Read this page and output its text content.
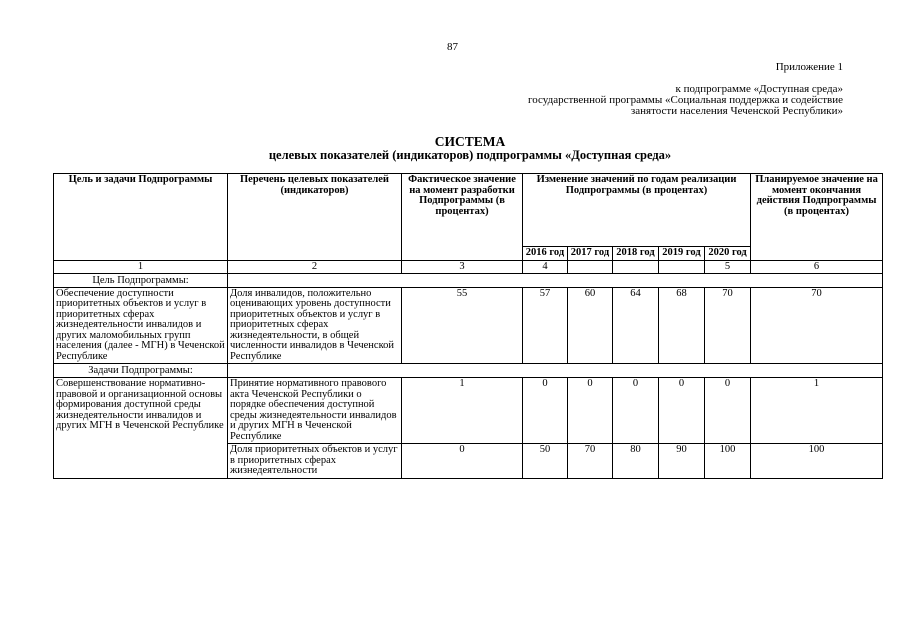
87
Приложение 1
к подпрограмме «Доступная среда»
государственной программы «Социальная поддержка и содействие
занятости населения Чеченской Республики»
СИСТЕМА
целевых показателей (индикаторов) подпрограммы «Доступная среда»
Цель и задачи Подпрограммы	Перечень целевых показателей (индикаторов)	Фактическое значение на момент разработки Подпрограммы (в процентах)	Изменение значений по годам реализации Подпрограммы (в процентах)					Планируемое значение на момент окончания действия Подпрограммы (в процентах)
			2016 год	2017 год	2018 год	2019 год	2020 год	
1	2	3	4				5	6
Цель Подпрограммы:								
Обеспечение доступности приоритетных объектов и услуг в приоритетных сферах жизнедеятельности инвалидов и других маломобильных групп населения (далее - МГН) в Чеченской Республике	Доля инвалидов, положительно оценивающих уровень доступности приоритетных объектов и услуг в приоритетных сферах жизнедеятельности, в общей численности инвалидов в Чеченской Республике	55	57	60	64	68	70	70
Задачи Подпрограммы:								
Совершенствование нормативно-правовой и организационной основы формирования доступной среды жизнедеятельности инвалидов и других МГН в Чеченской Республике	Принятие нормативного правового акта Чеченской Республики о порядке обеспечения доступной среды жизнедеятельности инвалидов и других МГН в Чеченской Республике	1	0	0	0	0	0	1
	Доля приоритетных объектов и услуг в приоритетных сферах жизнедеятельности	0	50	70	80	90	100	100
